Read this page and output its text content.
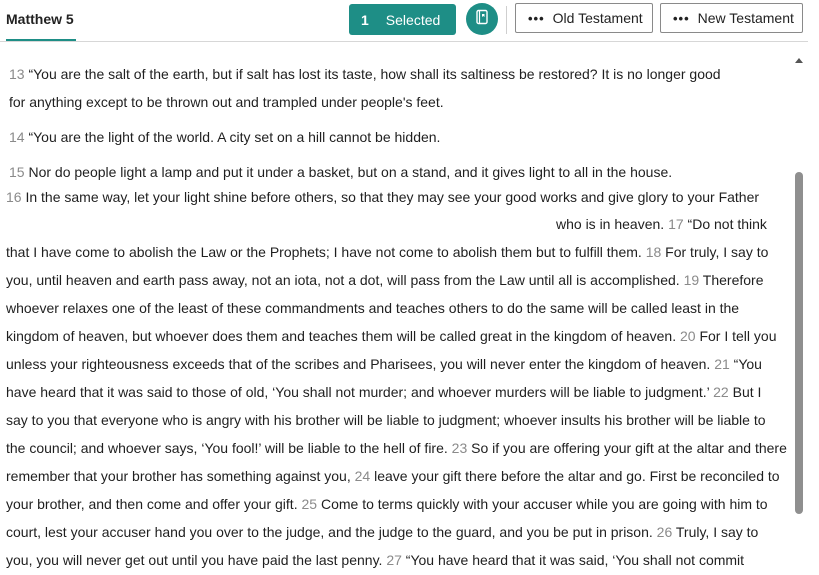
Matthew 5	1 Selected	••• Old Testament ••• New Testament
13 “You are the salt of the earth, but if salt has lost its taste, how shall its saltiness be restored? It is no longer good
for anything except to be thrown out and trampled under people's feet.
14 “You are the light of the world. A city set on a hill cannot be hidden.
15 Nor do people light a lamp and put it under a basket, but on a stand, and it gives light to all in the house.
16 In the same way, let your light shine before others, so that they may see your good works and give glory to your Father
who is in heaven. 17 “Do not think
that I have come to abolish the Law or the Prophets; I have not come to abolish them but to fulfill them. 18 For truly, I say to
you, until heaven and earth pass away, not an iota, not a dot, will pass from the Law until all is accomplished. 19 Therefore
whoever relaxes one of the least of these commandments and teaches others to do the same will be called least in the
kingdom of heaven, but whoever does them and teaches them will be called great in the kingdom of heaven. 20 For I tell you
unless your righteousness exceeds that of the scribes and Pharisees, you will never enter the kingdom of heaven. 21 “You
have heard that it was said to those of old, ‘You shall not murder; and whoever murders will be liable to judgment.’ 22 But I
say to you that everyone who is angry with his brother will be liable to judgment; whoever insults his brother will be liable to
the council; and whoever says, ‘You fool!’ will be liable to the hell of fire. 23 So if you are offering your gift at the altar and there
remember that your brother has something against you, 24 leave your gift there before the altar and go. First be reconciled to
your brother, and then come and offer your gift. 25 Come to terms quickly with your accuser while you are going with him to
court, lest your accuser hand you over to the judge, and the judge to the guard, and you be put in prison. 26 Truly, I say to
you, you will never get out until you have paid the last penny. 27 “You have heard that it was said, ‘You shall not commit
